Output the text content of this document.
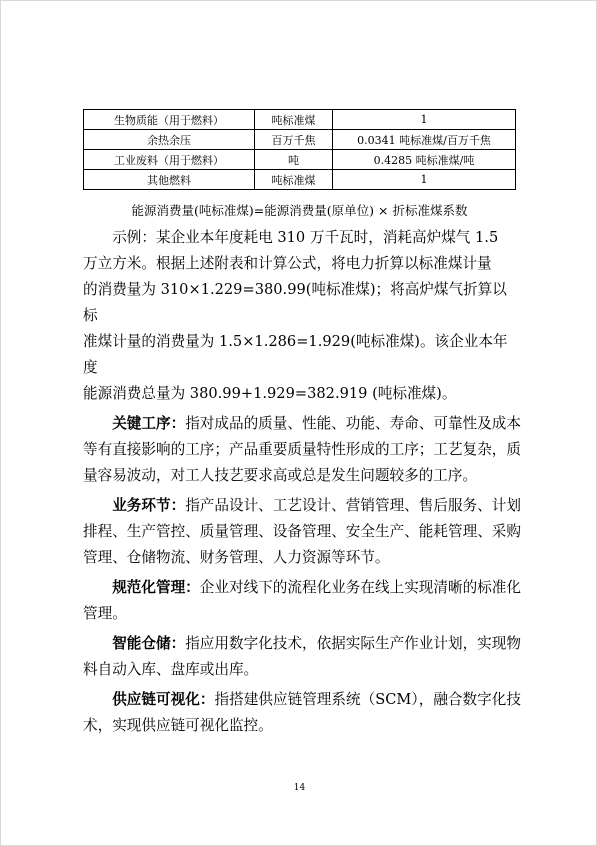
生物质能（用于燃料）	吨标准煤	1
余热余压	百万千焦	0.0341 吨标准煤/百万千焦
工业废料（用于燃料）	吨	0.4285 吨标准煤/吨
其他燃料	吨标准煤	1
能源消费量(吨标准煤)=能源消费量(原单位) × 折标准煤系数
示例：某企业本年度耗电 310 万千瓦时，消耗高炉煤气 1.5
万立方米。根据上述附表和计算公式，将电力折算以标准煤计量
的消费量为 310×1.229=380.99(吨标准煤)；将高炉煤气折算以标
准煤计量的消费量为 1.5×1.286=1.929(吨标准煤)。该企业本年度
能源消费总量为 380.99+1.929=382.919 (吨标准煤)。

关键工序：指对成品的质量、性能、功能、寿命、可靠性及成本等有直接影响的工序；产品重要质量特性形成的工序；工艺复杂，质量容易波动，对工人技艺要求高或总是发生问题较多的工序。

业务环节：指产品设计、工艺设计、营销管理、售后服务、计划排程、生产管控、质量管理、设备管理、安全生产、能耗管理、采购管理、仓储物流、财务管理、人力资源等环节。

规范化管理：企业对线下的流程化业务在线上实现清晰的标准化管理。

智能仓储：指应用数字化技术，依据实际生产作业计划，实现物料自动入库、盘库或出库。

供应链可视化：指搭建供应链管理系统（SCM），融合数字化技术，实现供应链可视化监控。

14
